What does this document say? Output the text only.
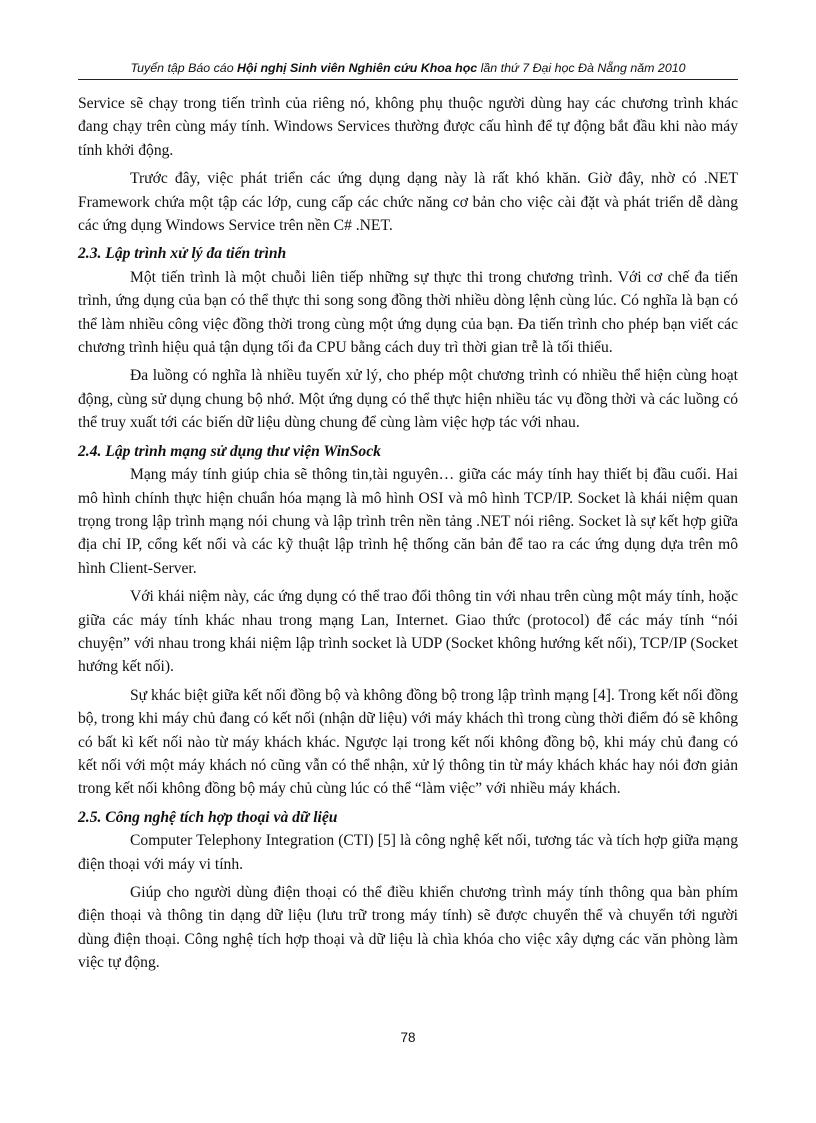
Tuyển tập Báo cáo Hội nghị Sinh viên Nghiên cứu Khoa học lần thứ 7 Đại học Đà Nẵng năm 2010

Service sẽ chạy trong tiến trình của riêng nó, không phụ thuộc người dùng hay các chương trình khác đang chạy trên cùng máy tính. Windows Services thường được cấu hình để tự động bắt đầu khi nào máy tính khởi động.

Trước đây, việc phát triển các ứng dụng dạng này là rất khó khăn. Giờ đây, nhờ có .NET Framework chứa một tập các lớp, cung cấp các chức năng cơ bản cho việc cài đặt và phát triển dễ dàng các ứng dụng Windows Service trên nền C# .NET.

2.3. Lập trình xử lý đa tiến trình

Một tiến trình là một chuỗi liên tiếp những sự thực thi trong chương trình. Với cơ chế đa tiến trình, ứng dụng của bạn có thể thực thi song song đồng thời nhiều dòng lệnh cùng lúc. Có nghĩa là bạn có thể làm nhiều công việc đồng thời trong cùng một ứng dụng của bạn. Đa tiến trình cho phép bạn viết các chương trình hiệu quả tận dụng tối đa CPU bằng cách duy trì thời gian trễ là tối thiểu.

Đa luồng có nghĩa là nhiều tuyến xử lý, cho phép một chương trình có nhiều thể hiện cùng hoạt động, cùng sử dụng chung bộ nhớ. Một ứng dụng có thể thực hiện nhiều tác vụ đồng thời và các luồng có thể truy xuất tới các biến dữ liệu dùng chung để cùng làm việc hợp tác với nhau.

2.4. Lập trình mạng sử dụng thư viện WinSock

Mạng máy tính giúp chia sẽ thông tin,tài nguyên… giữa các máy tính hay thiết bị đầu cuối. Hai mô hình chính thực hiện chuẩn hóa mạng là mô hình OSI và mô hình TCP/IP. Socket là khái niệm quan trọng trong lập trình mạng nói chung và lập trình trên nền tảng .NET nói riêng. Socket là sự kết hợp giữa địa chỉ IP, cổng kết nối và các kỹ thuật lập trình hệ thống căn bản để tao ra các ứng dụng dựa trên mô hình Client-Server.

Với khái niệm này, các ứng dụng có thể trao đổi thông tin với nhau trên cùng một máy tính, hoặc giữa các máy tính khác nhau trong mạng Lan, Internet. Giao thức (protocol) để các máy tính “nói chuyện” với nhau trong khái niệm lập trình socket là UDP (Socket không hướng kết nối), TCP/IP (Socket hướng kết nối).

Sự khác biệt giữa kết nối đồng bộ và không đồng bộ trong lập trình mạng [4]. Trong kết nối đồng bộ, trong khi máy chủ đang có kết nối (nhận dữ liệu) với máy khách thì trong cùng thời điểm đó sẽ không có bất kì kết nối nào từ máy khách khác. Ngược lại trong kết nối không đồng bộ, khi máy chủ đang có kết nối với một máy khách nó cũng vẫn có thể nhận, xử lý thông tin từ máy khách khác hay nói đơn giản trong kết nối không đồng bộ máy chủ cùng lúc có thể “làm việc” với nhiều máy khách.

2.5. Công nghệ tích hợp thoại và dữ liệu

Computer Telephony Integration (CTI) [5] là công nghệ kết nối, tương tác và tích hợp giữa mạng điện thoại với máy vi tính.

Giúp cho người dùng điện thoại có thể điều khiển chương trình máy tính thông qua bàn phím điện thoại và thông tin dạng dữ liệu (lưu trữ trong máy tính) sẽ được chuyển thể và chuyển tới người dùng điện thoại. Công nghệ tích hợp thoại và dữ liệu là chìa khóa cho việc xây dựng các văn phòng làm việc tự động.

78
